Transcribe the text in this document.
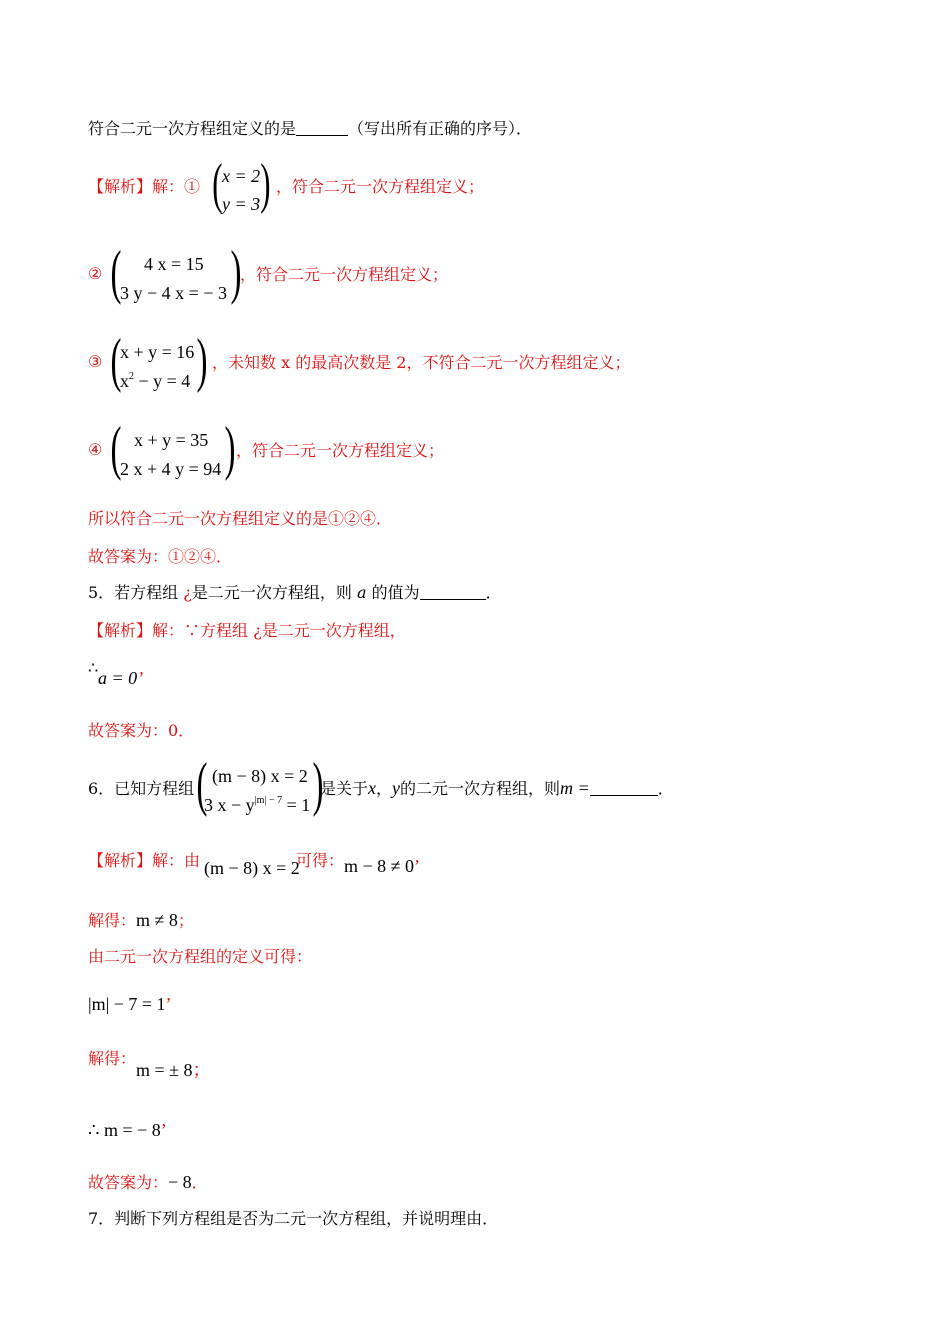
符合二元一次方程组定义的是	（写出所有正确的序号）．
【解析】解：① ( x = 2
y = 3 ) ，符合二元一次方程组定义；
② ( 4 x = 15
3 y − 4 x = − 3 )
，符合二元一次方程组定义；
③ (
x + y = 16
$x^2 - y = 4$ ) ，未知数 x 的最高次数是 2，不符合二元一次方程组定义；
④ ( x + y = 35
2 x + 4 y = 94 ) ，符合二元一次方程组定义；
所以符合二元一次方程组定义的是①②④．
故答案为：①②④．
5．若方程组 ¿是二元一次方程组，则 a 的值为	．
【解析】解：∵方程组 ¿是二元一次方程组，
∴
a = 0’
故答案为：0．
6．已知方程组 ( (m − 8) x = 2
3 $x - y^{|m| - 7} = 1$ )
是关于x，y的二元一次方程组，则m =	．
【解析】解：由 (m − 8) x = 2
可得： m − 8 ≠ 0’
解得：m ≠ 8；
由二元一次方程组的定义可得：
|m| − 7 = 1’
解得：
m = ± 8；
∴ m = − 8’
故答案为：− 8．
7．判断下列方程组是否为二元一次方程组，并说明理由．
